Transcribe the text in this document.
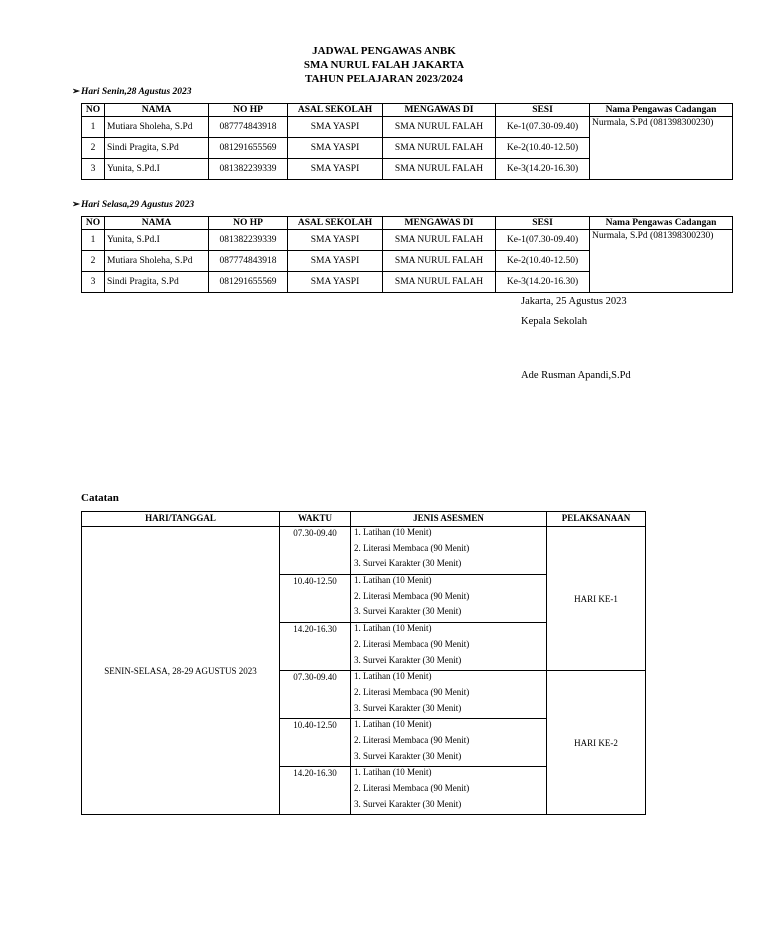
JADWAL PENGAWAS ANBK
SMA NURUL FALAH JAKARTA
TAHUN PELAJARAN 2023/2024
➢Hari Senin,28 Agustus 2023
NO	NAMA	NO HP	ASAL SEKOLAH	MENGAWAS DI	SESI	Nama Pengawas Cadangan
1	Mutiara Sholeha, S.Pd	087774843918	SMA YASPI	SMA NURUL FALAH	Ke-1(07.30-09.40)	Nurmala, S.Pd (081398300230)
2	Sindi Pragita, S.Pd	081291655569	SMA YASPI	SMA NURUL FALAH	Ke-2(10.40-12.50)	
3	Yunita, S.Pd.I	081382239339	SMA YASPI	SMA NURUL FALAH	Ke-3(14.20-16.30)	
➢Hari Selasa,29 Agustus 2023
NO	NAMA	NO HP	ASAL SEKOLAH	MENGAWAS DI	SESI	Nama Pengawas Cadangan
1	Yunita, S.Pd.I	081382239339	SMA YASPI	SMA NURUL FALAH	Ke-1(07.30-09.40)	Nurmala, S.Pd (081398300230)
2	Mutiara Sholeha, S.Pd	087774843918	SMA YASPI	SMA NURUL FALAH	Ke-2(10.40-12.50)	
3	Sindi Pragita, S.Pd	081291655569	SMA YASPI	SMA NURUL FALAH	Ke-3(14.20-16.30)	
Jakarta, 25 Agustus 2023
Kepala Sekolah
Ade Rusman Apandi,S.Pd
Catatan
HARI/TANGGAL	WAKTU	JENIS ASESMEN	PELAKSANAAN
SENIN-SELASA, 28-29 AGUSTUS 2023	07.30-09.40	1. Latihan (10 Menit)
2. Literasi Membaca (90 Menit)
3. Survei Karakter (30 Menit)	HARI KE-1
	10.40-12.50	1. Latihan (10 Menit)
2. Literasi Membaca (90 Menit)
3. Survei Karakter (30 Menit)	

	14.20-16.30	1. Latihan (10 Menit)
2. Literasi Membaca (90 Menit)
3. Survei Karakter (30 Menit)	

	07.30-09.40	1. Latihan (10 Menit)
2. Literasi Membaca (90 Menit)
3. Survei Karakter (30 Menit)	HARI KE-2
	10.40-12.50	1. Latihan (10 Menit)
2. Literasi Membaca (90 Menit)
3. Survei Karakter (30 Menit)	

	14.20-16.30	1. Latihan (10 Menit)
2. Literasi Membaca (90 Menit)
3. Survei Karakter (30 Menit)	
